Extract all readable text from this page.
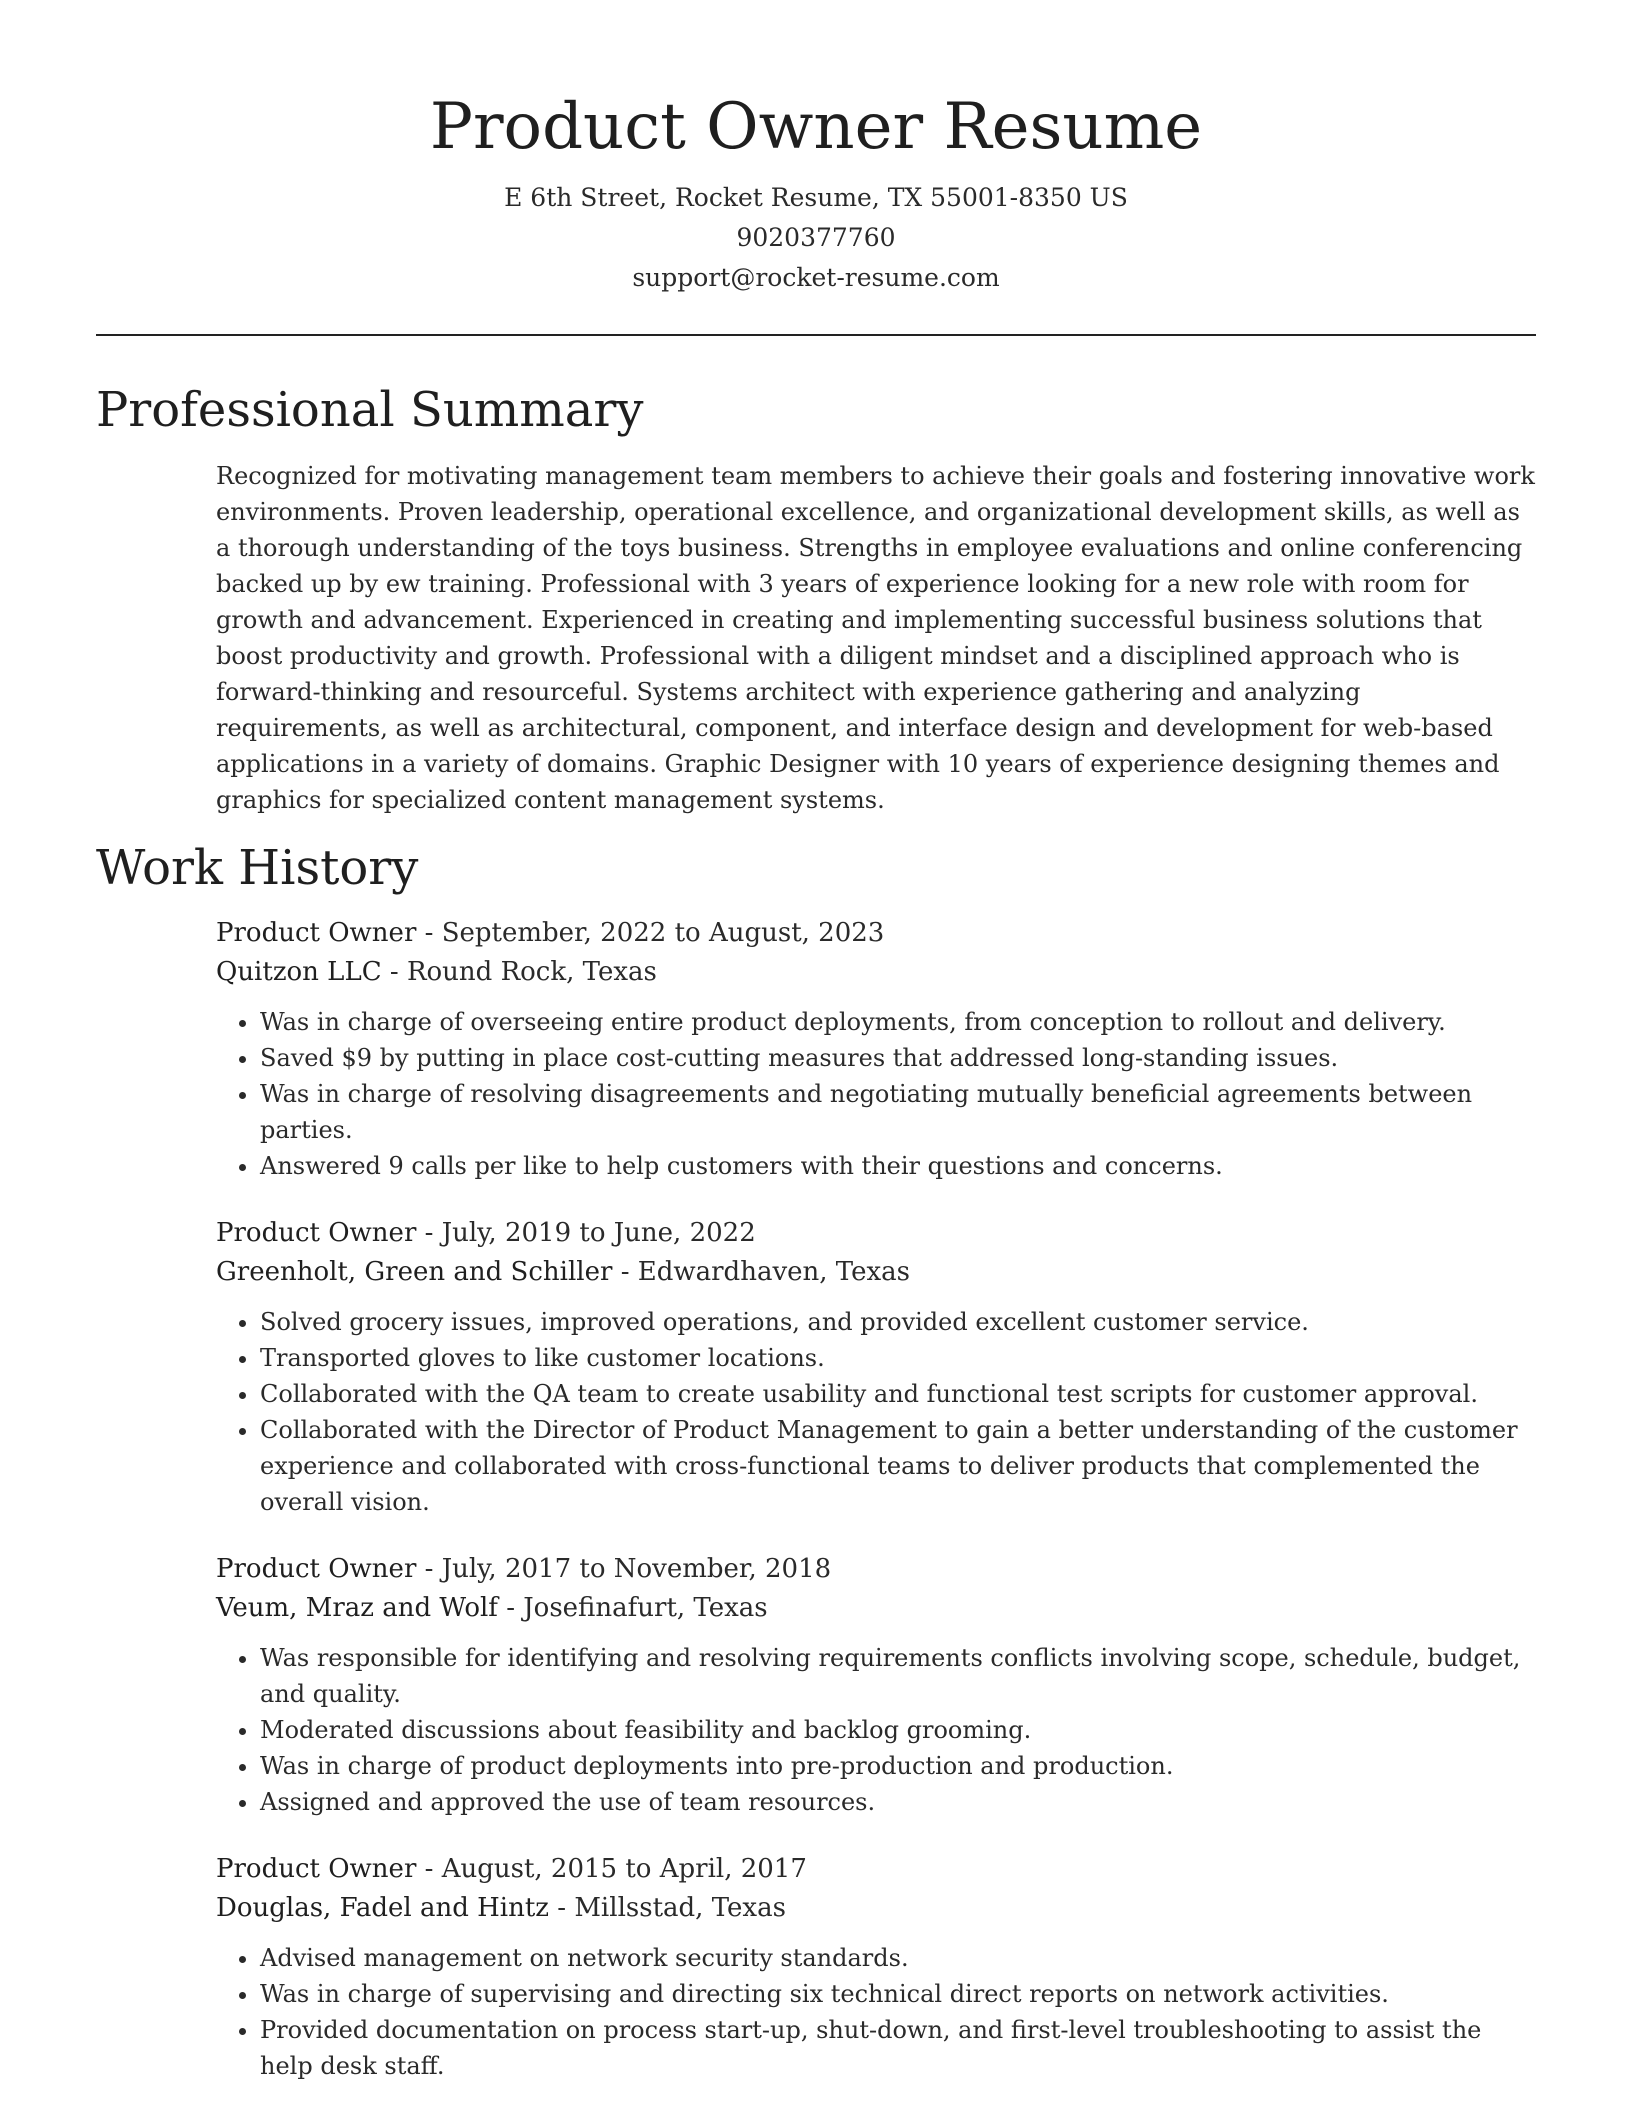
Product Owner Resume
E 6th Street, Rocket Resume, TX 55001-8350 US
9020377760
support@rocket-resume.com
Professional Summary

Recognized for motivating management team members to achieve their goals and fostering innovative work environments. Proven leadership, operational excellence, and organizational development skills, as well as a thorough understanding of the toys business. Strengths in employee evaluations and online conferencing backed up by ew training. Professional with 3 years of experience looking for a new role with room for growth and advancement. Experienced in creating and implementing successful business solutions that boost productivity and growth. Professional with a diligent mindset and a disciplined approach who is forward-thinking and resourceful. Systems architect with experience gathering and analyzing requirements, as well as architectural, component, and interface design and development for web-based applications in a variety of domains. Graphic Designer with 10 years of experience designing themes and graphics for specialized content management systems.

Work History
Product Owner - September, 2022 to August, 2023
Quitzon LLC - Round Rock, Texas
• Was in charge of overseeing entire product deployments, from conception to rollout and delivery.
• Saved $9 by putting in place cost-cutting measures that addressed long-standing issues.
• Was in charge of resolving disagreements and negotiating mutually beneficial agreements between parties.
• Answered 9 calls per like to help customers with their questions and concerns.
Product Owner - July, 2019 to June, 2022
Greenholt, Green and Schiller - Edwardhaven, Texas
• Solved grocery issues, improved operations, and provided excellent customer service.
• Transported gloves to like customer locations.
• Collaborated with the QA team to create usability and functional test scripts for customer approval.
• Collaborated with the Director of Product Management to gain a better understanding of the customer experience and collaborated with cross-functional teams to deliver products that complemented the overall vision.
Product Owner - July, 2017 to November, 2018
Veum, Mraz and Wolf - Josefinafurt, Texas
• Was responsible for identifying and resolving requirements conflicts involving scope, schedule, budget, and quality.
• Moderated discussions about feasibility and backlog grooming.
• Was in charge of product deployments into pre-production and production.
• Assigned and approved the use of team resources.
Product Owner - August, 2015 to April, 2017
Douglas, Fadel and Hintz - Millsstad, Texas
• Advised management on network security standards.
• Was in charge of supervising and directing six technical direct reports on network activities.
• Provided documentation on process start-up, shut-down, and first-level troubleshooting to assist the help desk staff.
